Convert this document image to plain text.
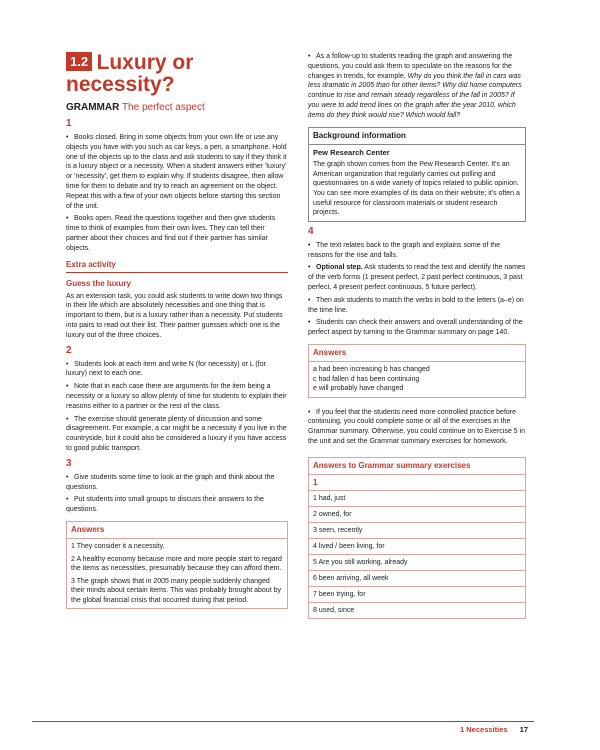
1.2 Luxury or necessity?
GRAMMAR The perfect aspect
1

• Books closed. Bring in some objects from your own life or use any objects you have with you such as car keys, a pen, a smartphone. Hold one of the objects up to the class and ask students to say if they think it is a luxury object or a necessity. When a student answers either 'luxury' or 'necessity', get them to explain why. If students disagree, then allow time for them to debate and try to reach an agreement on the object. Repeat this with a few of your own objects before starting this section of the unit.

• Books open. Read the questions together and then give students time to think of examples from their own lives. They can tell their partner about their choices and find out if their partner has similar objects.

Extra activity
Guess the luxury

As an extension task, you could ask students to write down two things in their life which are absolutely necessities and one thing that is important to them, but is a luxury rather than a necessity. Put students into pairs to read out their list. Their partner guesses which one is the luxury out of the three choices.

2

• Students look at each item and write N (for necessity) or L (for luxury) next to each one.

• Note that in each case there are arguments for the item being a necessity or a luxury so allow plenty of time for students to explain their reasons either to a partner or the rest of the class.

• The exercise should generate plenty of discussion and some disagreement. For example, a car might be a necessity if you live in the countryside, but it could also be considered a luxury if you have access to good public transport.

3

• Give students some time to look at the graph and think about the questions.

• Put students into small groups to discuss their answers to the questions.

Answers

1 They consider it a necessity.

2 A healthy economy because more and more people start to regard the items as necessities, presumably because they can afford them.

3 The graph shows that in 2005 many people suddenly changed their minds about certain items. This was probably brought about by the global financial crisis that occurred during that period.

• As a follow-up to students reading the graph and answering the questions, you could ask them to speculate on the reasons for the changes in trends, for example, Why do you think the fall in cars was less dramatic in 2005 than for other items? Why did home computers continue to rise and remain steady regardless of the fall in 2005? If you were to add trend lines on the graph after the year 2010, which items do they think would rise? Which would fall?

Background information

Pew Research Center

The graph shown comes from the Pew Research Center. It's an American organization that regularly carries out polling and questionnaires on a wide variety of topics related to public opinion. You can see more examples of its data on their website; it's often a useful resource for classroom materials or student research projects.

4

• The text relates back to the graph and explains some of the reasons for the rise and falls.

• Optional step. Ask students to read the text and identify the names of the verb forms (1 present perfect, 2 past perfect continuous, 3 past perfect, 4 present perfect continuous, 5 future perfect).

• Then ask students to match the verbs in bold to the letters (a–e) on the time line.

• Students can check their answers and overall understanding of the perfect aspect by turning to the Grammar summary on page 140.

Answers

a had been increasing b has changed

c had fallen d has been continuing

e will probably have changed

• If you feel that the students need more controlled practice before continuing, you could complete some or all of the exercises in the Grammar summary. Otherwise, you could continue on to Exercise 5 in the unit and set the Grammar summary exercises for homework.

Answers to Grammar summary exercises
1
1 had, just
2 owned, for
3 seen, recently
4 lived / been living, for
5 Are you still working, already
6 been arriving, all week
7 been trying, for
8 used, since
1 Necessities 17
